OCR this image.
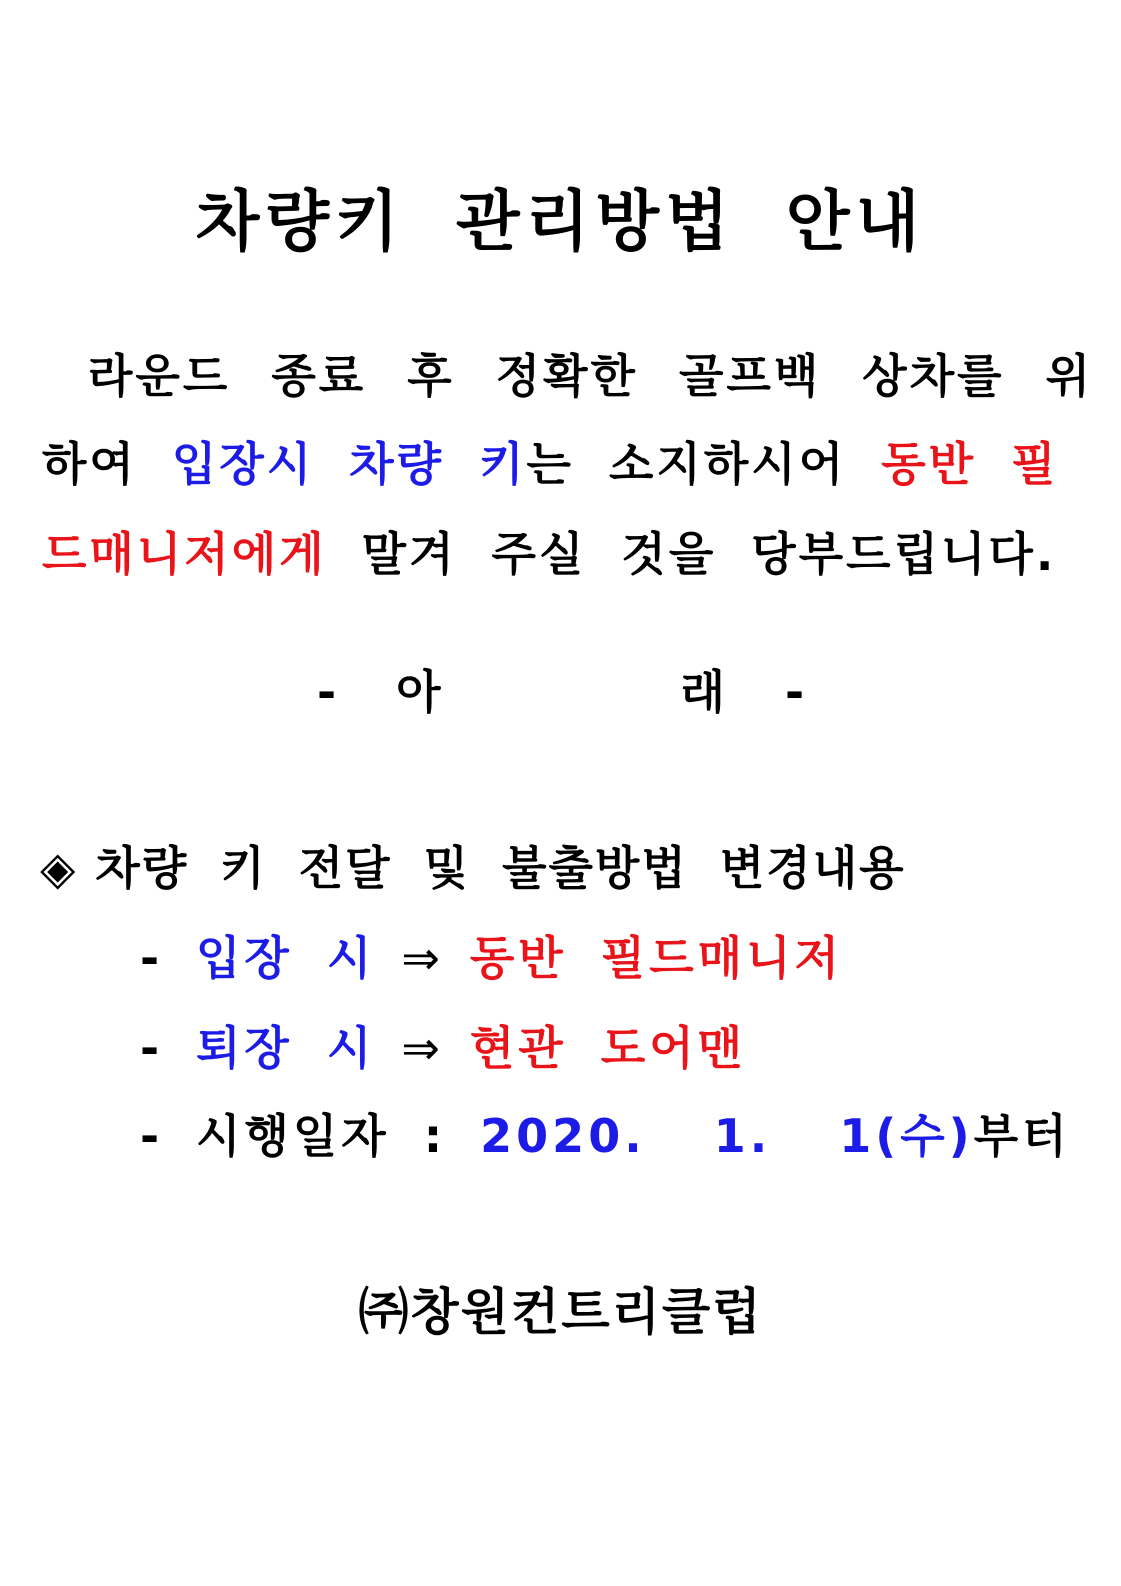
차량키 관리방법 안내
라운드 종료 후 정확한 골프백 상차를 위
하여 입장시 차량 키는 소지하시어 동반 필
드매니저에게 말겨 주실 것을 당부드립니다.
- 아	래 -
◈ 차량 키 전달 및 불출방법 변경내용
- 입장 시 ⇒ 동반 필드매니저
- 퇴장 시 ⇒ 현관 도어맨
- 시행일자 : 2020.  1.  1(수)부터
㈜창원컨트리클럽
